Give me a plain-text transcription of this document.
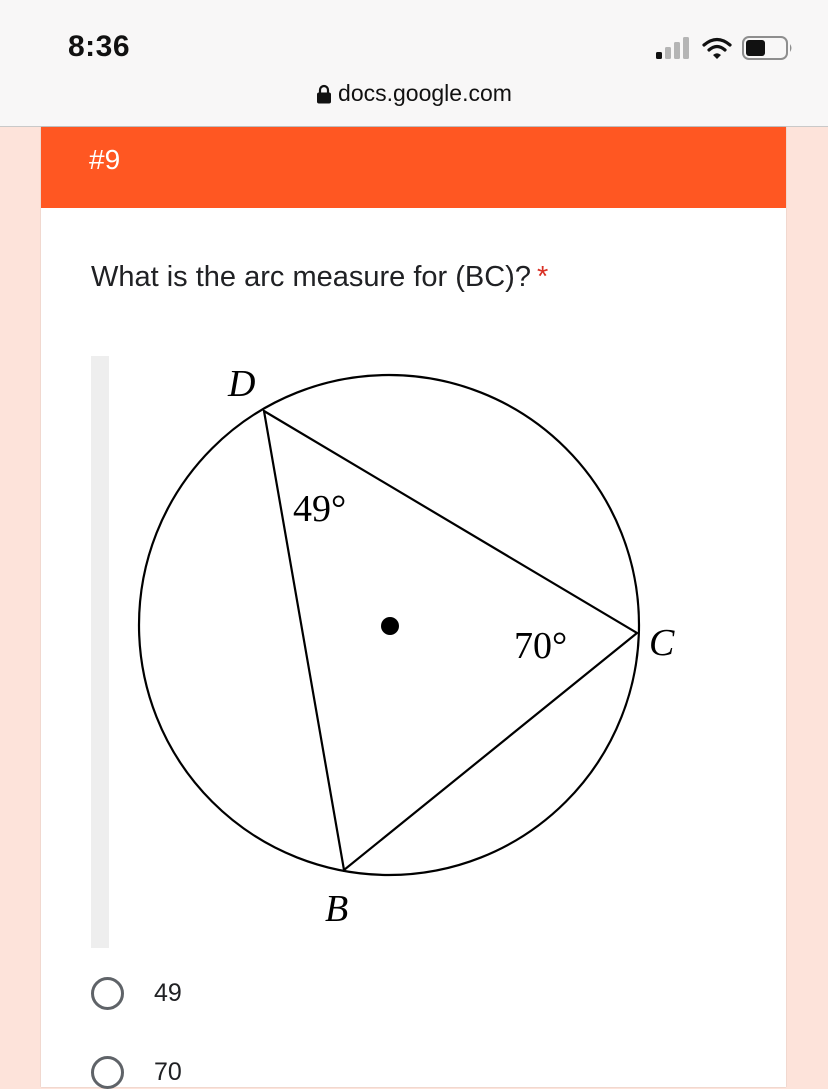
8:36
docs.google.com
#9
What is the arc measure for (BC)? *
D
C
B
49°
70°
49
70
